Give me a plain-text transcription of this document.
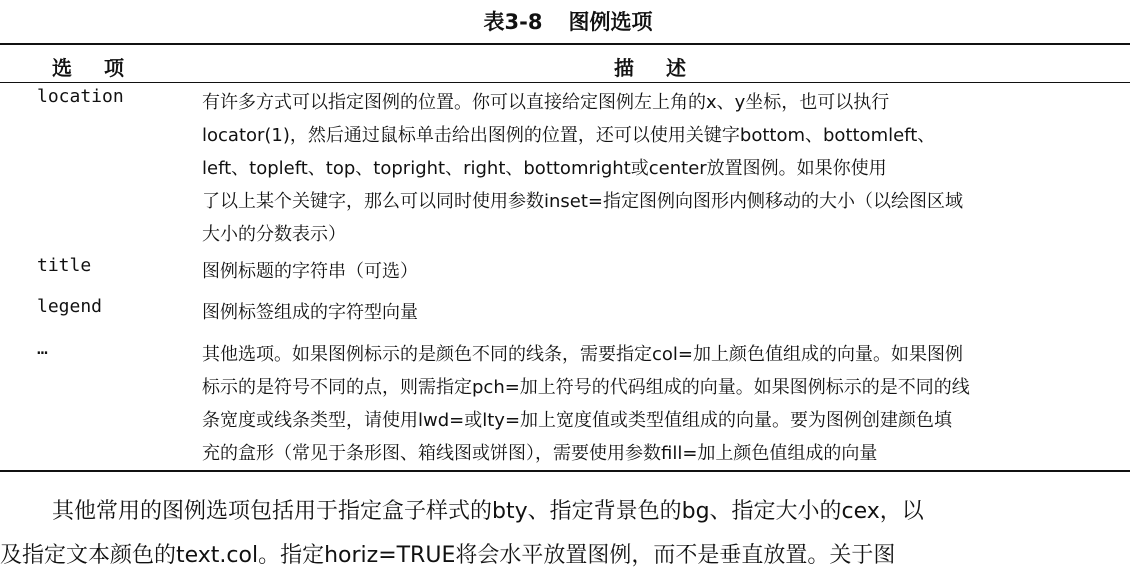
表3-8 图例选项
选项	描述
location	有许多方式可以指定图例的位置。你可以直接给定图例左上角的x、y坐标，也可以执行
locator(1)，然后通过鼠标单击给出图例的位置，还可以使用关键字bottom、bottomleft、
left、topleft、top、topright、right、bottomright或center放置图例。如果你使用
了以上某个关键字，那么可以同时使用参数inset=指定图例向图形内侧移动的大小（以绘图区域
大小的分数表示）
title	图例标题的字符串（可选）
legend	图例标签组成的字符型向量
…	其他选项。如果图例标示的是颜色不同的线条，需要指定col=加上颜色值组成的向量。如果图例
标示的是符号不同的点，则需指定pch=加上符号的代码组成的向量。如果图例标示的是不同的线
条宽度或线条类型，请使用lwd=或lty=加上宽度值或类型值组成的向量。要为图例创建颜色填
充的盒形（常见于条形图、箱线图或饼图），需要使用参数fill=加上颜色值组成的向量
其他常用的图例选项包括用于指定盒子样式的bty、指定背景色的bg、指定大小的cex，以
及指定文本颜色的text.col。指定horiz=TRUE将会水平放置图例，而不是垂直放置。关于图
